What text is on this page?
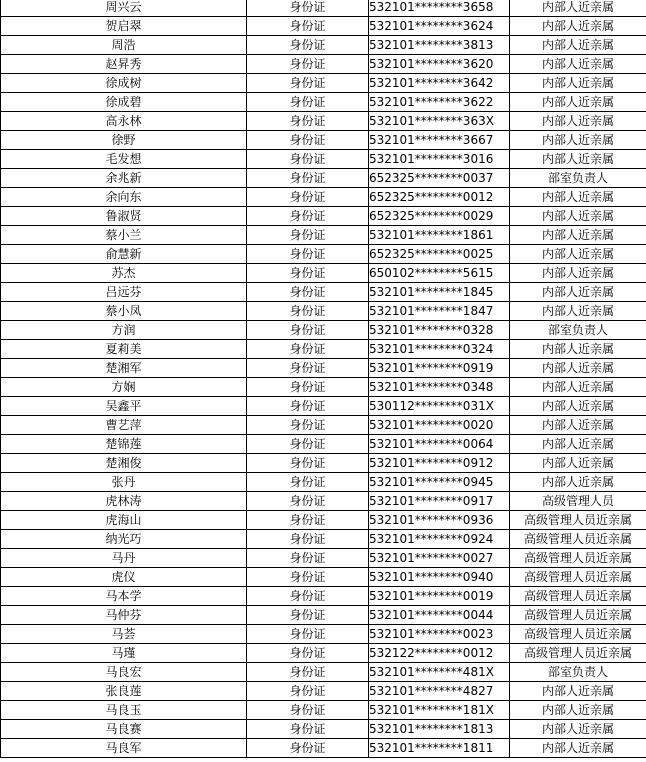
周兴云	身份证	532101********3658	内部人近亲属
贺启翠	身份证	532101********3624	内部人近亲属
周浩	身份证	532101********3813	内部人近亲属
赵昇秀	身份证	532101********3620	内部人近亲属
徐成树	身份证	532101********3642	内部人近亲属
徐成碧	身份证	532101********3622	内部人近亲属
高永林	身份证	532101********363X	内部人近亲属
徐野	身份证	532101********3667	内部人近亲属
毛发想	身份证	532101********3016	内部人近亲属
余兆新	身份证	652325********0037	部室负责人
余向东	身份证	652325********0012	内部人近亲属
鲁淑贤	身份证	652325********0029	内部人近亲属
蔡小兰	身份证	532101********1861	内部人近亲属
俞慧新	身份证	652325********0025	内部人近亲属
苏杰	身份证	650102********5615	内部人近亲属
吕远芬	身份证	532101********1845	内部人近亲属
蔡小凤	身份证	532101********1847	内部人近亲属
方润	身份证	532101********0328	部室负责人
夏莉美	身份证	532101********0324	内部人近亲属
楚湘军	身份证	532101********0919	内部人近亲属
方娴	身份证	532101********0348	内部人近亲属
吴鑫平	身份证	530112********031X	内部人近亲属
曹艺萍	身份证	532101********0020	内部人近亲属
楚锦莲	身份证	532101********0064	内部人近亲属
楚湘俊	身份证	532101********0912	内部人近亲属
张丹	身份证	532101********0945	内部人近亲属
虎林涛	身份证	532101********0917	高级管理人员
虎海山	身份证	532101********0936	高级管理人员近亲属
纳光巧	身份证	532101********0924	高级管理人员近亲属
马丹	身份证	532101********0027	高级管理人员近亲属
虎仪	身份证	532101********0940	高级管理人员近亲属
马本学	身份证	532101********0019	高级管理人员近亲属
马仲芬	身份证	532101********0044	高级管理人员近亲属
马荟	身份证	532101********0023	高级管理人员近亲属
马瑾	身份证	532122********0012	高级管理人员近亲属
马良宏	身份证	532101********481X	部室负责人
张良莲	身份证	532101********4827	内部人近亲属
马良玉	身份证	532101********181X	内部人近亲属
马良赛	身份证	532101********1813	内部人近亲属
马良军	身份证	532101********1811	内部人近亲属
